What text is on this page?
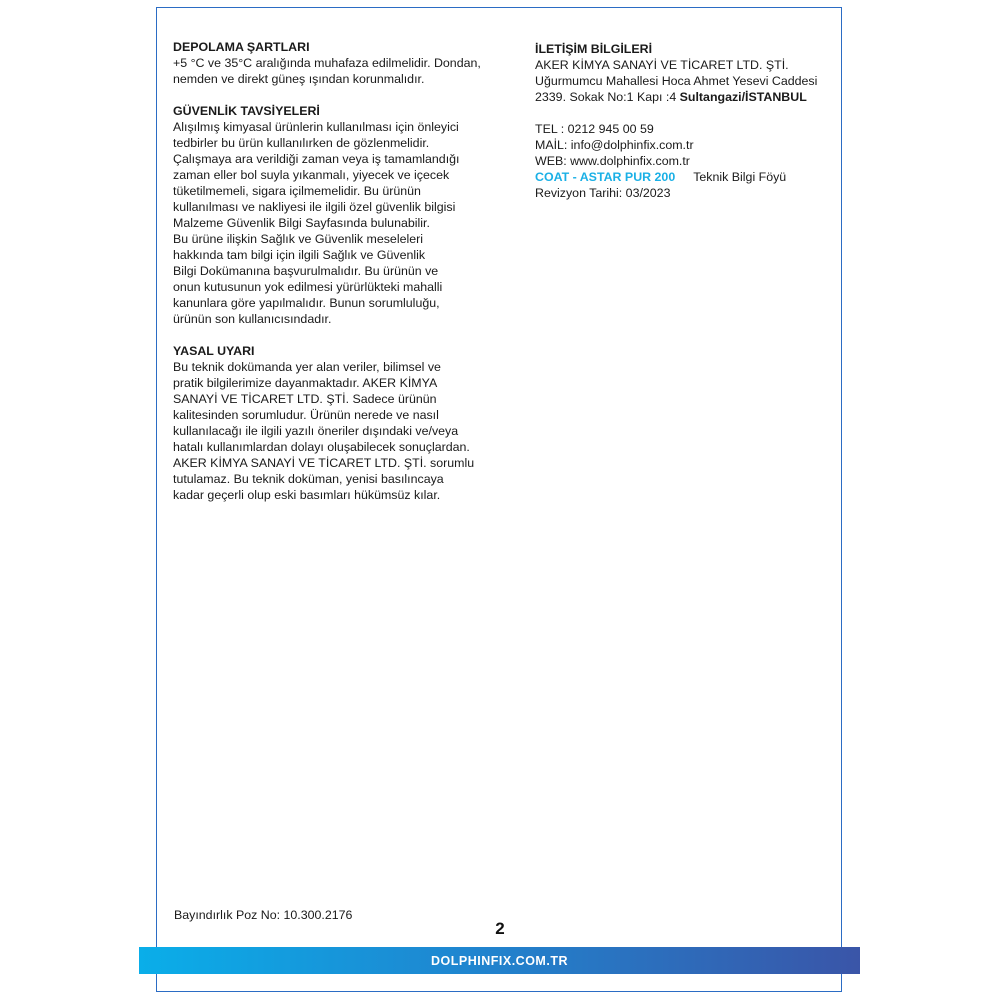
DEPOLAMA ŞARTLARI
+5 °C ve 35°C aralığında muhafaza edilmelidir. Dondan,
nemden ve direkt güneş ışından korunmalıdır.
GÜVENLİK TAVSİYELERİ
Alışılmış kimyasal ürünlerin kullanılması için önleyici
tedbirler bu ürün kullanılırken de gözlenmelidir.
Çalışmaya ara verildiği zaman veya iş tamamlandığı
zaman eller bol suyla yıkanmalı, yiyecek ve içecek
tüketilmemeli, sigara içilmemelidir. Bu ürünün
kullanılması ve nakliyesi ile ilgili özel güvenlik bilgisi
Malzeme Güvenlik Bilgi Sayfasında bulunabilir.
Bu ürüne ilişkin Sağlık ve Güvenlik meseleleri
hakkında tam bilgi için ilgili Sağlık ve Güvenlik
Bilgi Dokümanına başvurulmalıdır. Bu ürünün ve
onun kutusunun yok edilmesi yürürlükteki mahalli
kanunlara göre yapılmalıdır. Bunun sorumluluğu,
ürünün son kullanıcısındadır.
YASAL UYARI
Bu teknik dokümanda yer alan veriler, bilimsel ve
pratik bilgilerimize dayanmaktadır. AKER KİMYA
SANAYİ VE TİCARET LTD. ŞTİ. Sadece ürünün
kalitesinden sorumludur. Ürünün nerede ve nasıl
kullanılacağı ile ilgili yazılı öneriler dışındaki ve/veya
hatalı kullanımlardan dolayı oluşabilecek sonuçlardan.
AKER KİMYA SANAYİ VE TİCARET LTD. ŞTİ. sorumlu
tutulamaz. Bu teknik doküman, yenisi basılıncaya
kadar geçerli olup eski basımları hükümsüz kılar.
İLETİŞİM BİLGİLERİ
AKER KİMYA SANAYİ VE TİCARET LTD. ŞTİ.
Uğurmumcu Mahallesi Hoca Ahmet Yesevi Caddesi
2339. Sokak No:1 Kapı :4 Sultangazi/İSTANBUL
TEL : 0212 945 00 59
MAİL: info@dolphinfix.com.tr
WEB: www.dolphinfix.com.tr
COAT - ASTAR PUR 200 Teknik Bilgi Föyü
Revizyon Tarihi: 03/2023
Bayındırlık Poz No: 10.300.2176
2
DOLPHINFIX.COM.TR
